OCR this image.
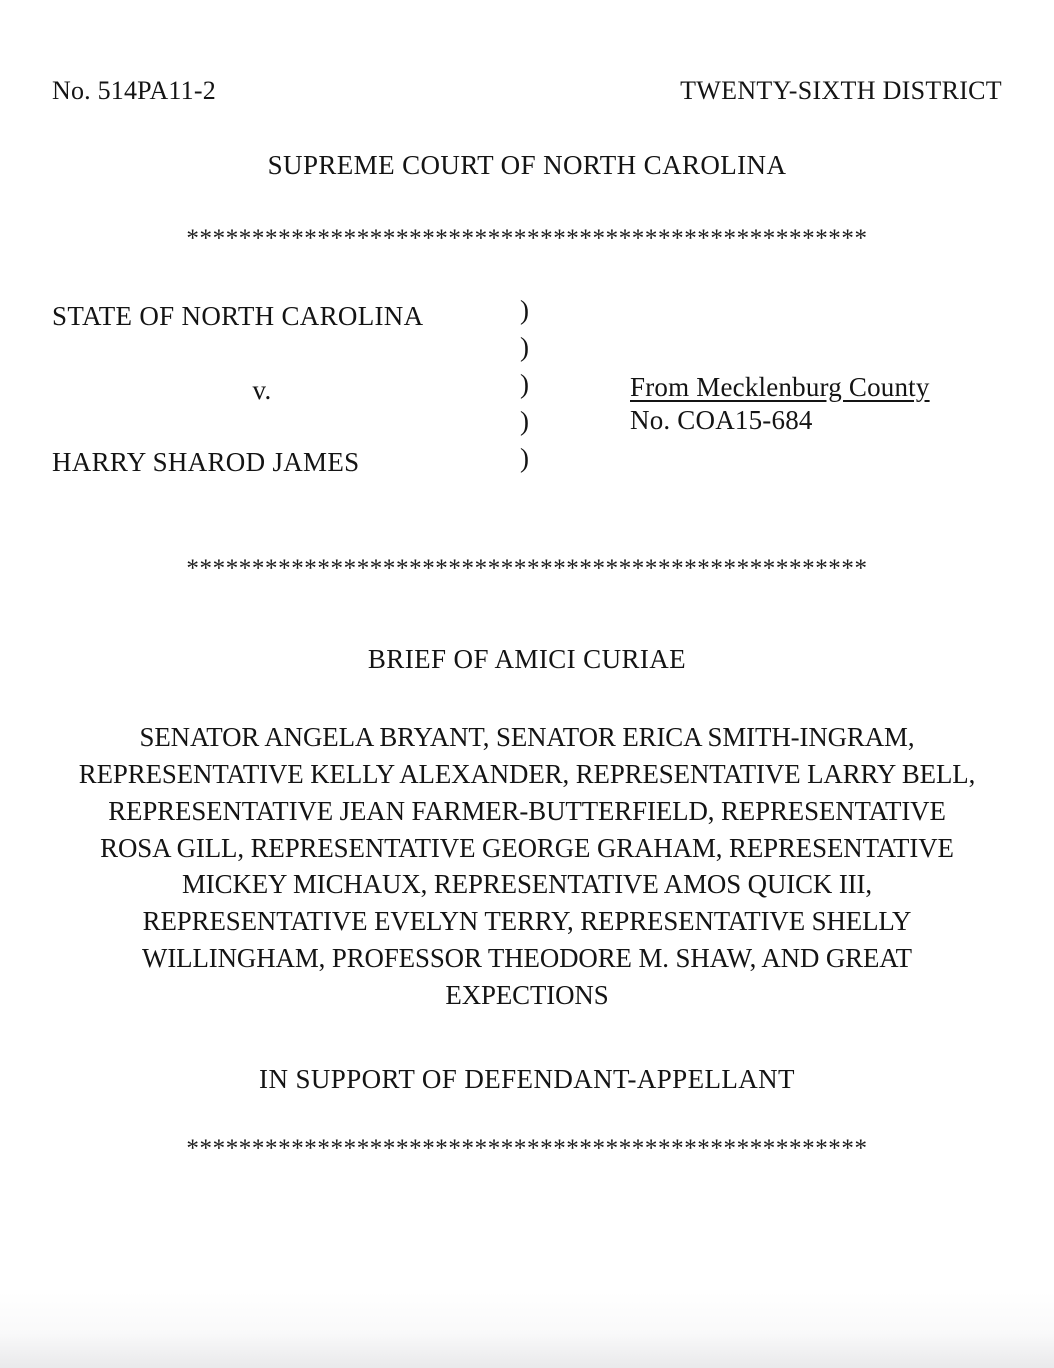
No. 514PA11-2	TWENTY-SIXTH DISTRICT
SUPREME COURT OF NORTH CAROLINA
****************************************************
STATE OF NORTH CAROLINA
v.
HARRY SHAROD JAMES
)
)
)
)
)
From Mecklenburg County
No. COA15-684
****************************************************
BRIEF OF AMICI CURIAE
SENATOR ANGELA BRYANT, SENATOR ERICA SMITH-INGRAM,
REPRESENTATIVE KELLY ALEXANDER, REPRESENTATIVE LARRY BELL,
REPRESENTATIVE JEAN FARMER-BUTTERFIELD, REPRESENTATIVE
ROSA GILL, REPRESENTATIVE GEORGE GRAHAM, REPRESENTATIVE
MICKEY MICHAUX, REPRESENTATIVE AMOS QUICK III,
REPRESENTATIVE EVELYN TERRY, REPRESENTATIVE SHELLY
WILLINGHAM, PROFESSOR THEODORE M. SHAW, AND GREAT
EXPECTIONS
IN SUPPORT OF DEFENDANT-APPELLANT
****************************************************
